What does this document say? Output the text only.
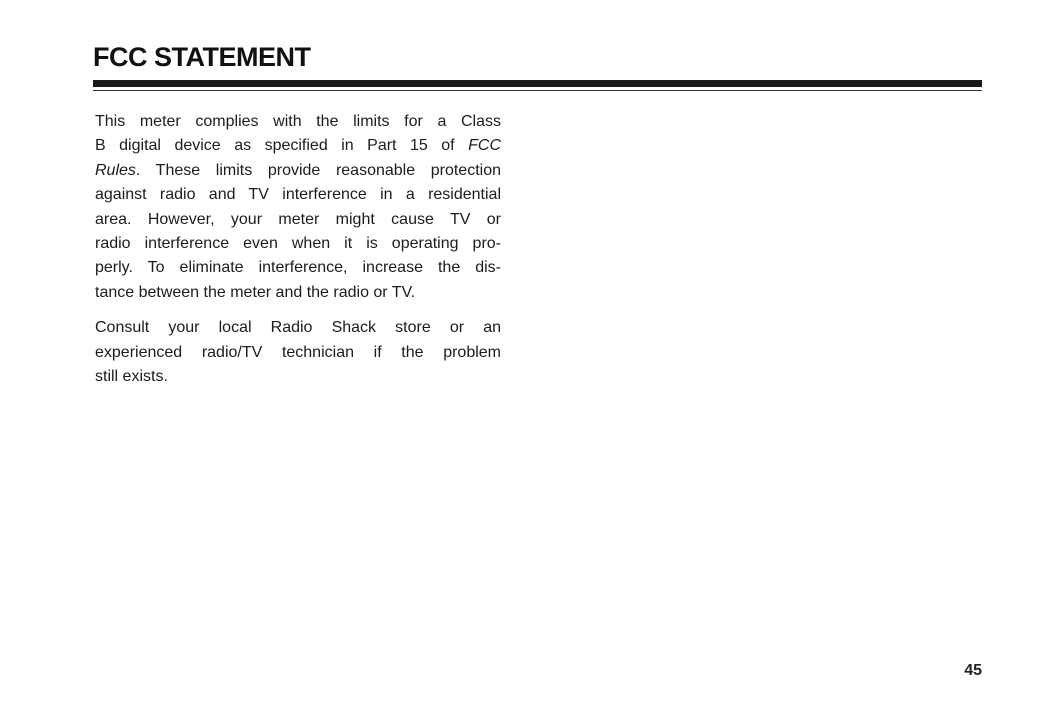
FCC STATEMENT

This meter complies with the limits for a Class
B digital device as specified in Part 15 of FCC
Rules. These limits provide reasonable protection
against radio and TV interference in a residential
area. However, your meter might cause TV or
radio interference even when it is operating pro-
perly. To eliminate interference, increase the dis-
tance between the meter and the radio or TV.

Consult your local Radio Shack store or an
experienced radio/TV technician if the problem
still exists.

45
